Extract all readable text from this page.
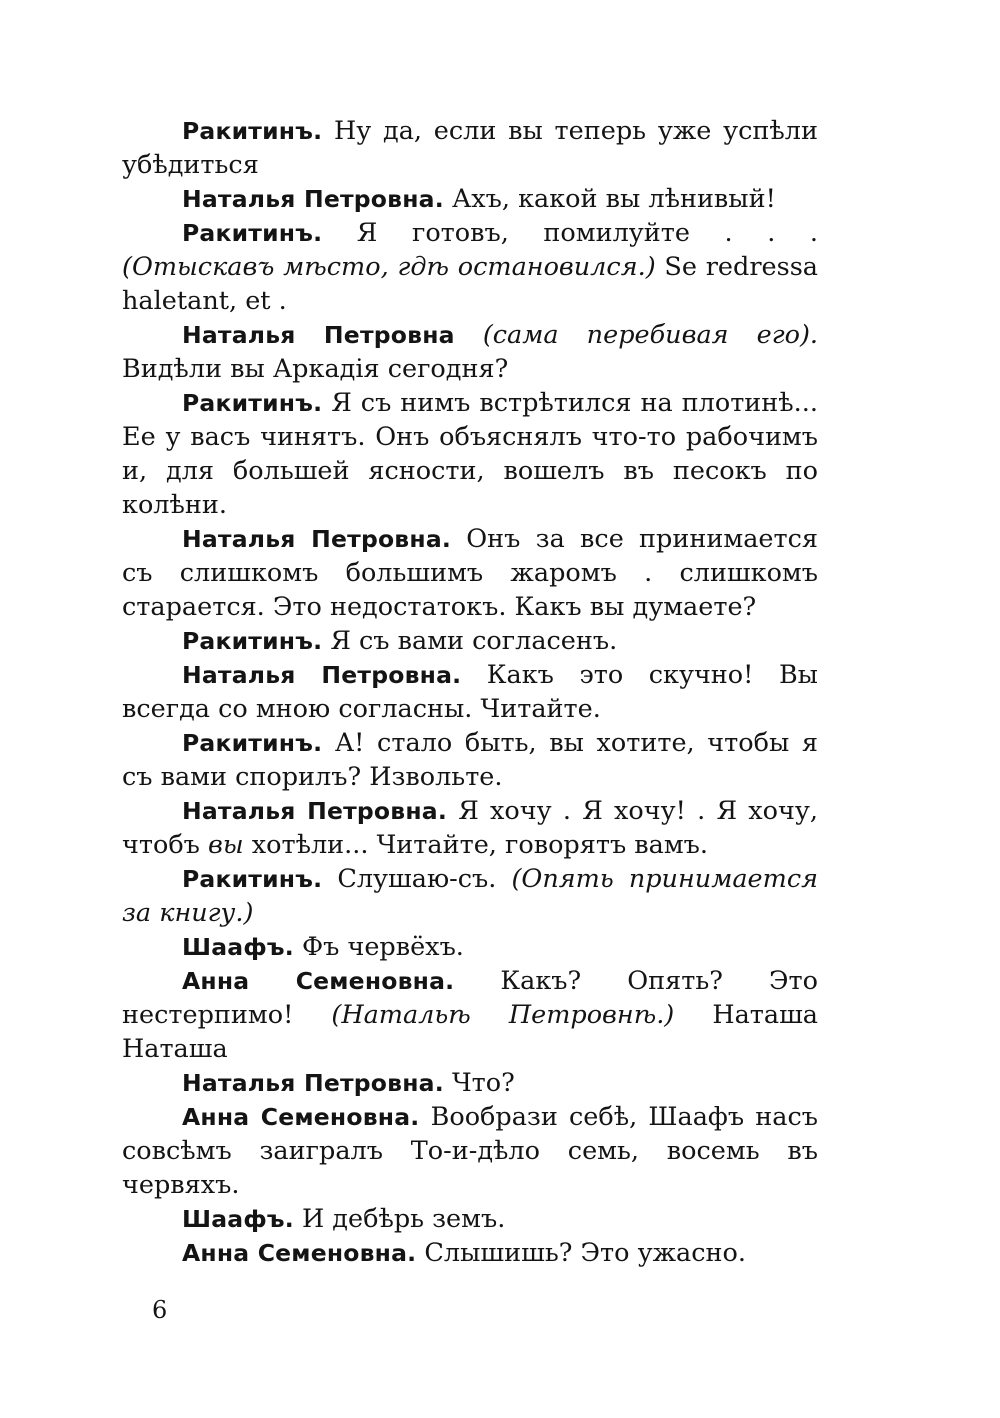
Ракитинъ. Ну да, если вы теперь уже успѣли убѣдиться

Наталья Петровна. Ахъ, какой вы лѣнивый!

Ракитинъ. Я готовъ, помилуйте . . . (Отыскавъ мѣсто, гдѣ остановился.) Se redressa haletant, et .

Наталья Петровна (сама перебивая его). Видѣли вы Аркадія сегодня?

Ракитинъ. Я съ нимъ встрѣтился на плотинѣ... Ее у васъ чинятъ. Онъ объяснялъ что-то рабочимъ и, для большей ясности, вошелъ въ песокъ по колѣни.

Наталья Петровна. Онъ за все принимается съ слишкомъ большимъ жаромъ . слишкомъ старается. Это недостатокъ. Какъ вы думаете?

Ракитинъ. Я съ вами согласенъ.

Наталья Петровна. Какъ это скучно! Вы всегда со мною согласны. Читайте.

Ракитинъ. А! стало быть, вы хотите, чтобы я съ вами спорилъ? Извольте.

Наталья Петровна. Я хочу . Я хочу! . Я хочу, чтобъ вы хотѣли... Читайте, говорятъ вамъ.

Ракитинъ. Слушаю-съ. (Опять принимается за книгу.)

Шаафъ. Фъ червёхъ.

Анна Семеновна. Какъ? Опять? Это нестерпимо! (Натальѣ Петровнѣ.) Наташа Наташа

Наталья Петровна. Что?

Анна Семеновна. Вообрази себѣ, Шаафъ насъ совсѣмъ заигралъ То-и-дѣло семь, восемь въ червяхъ.

Шаафъ. И дебѣрь земъ.

Анна Семеновна. Слышишь? Это ужасно.

6
